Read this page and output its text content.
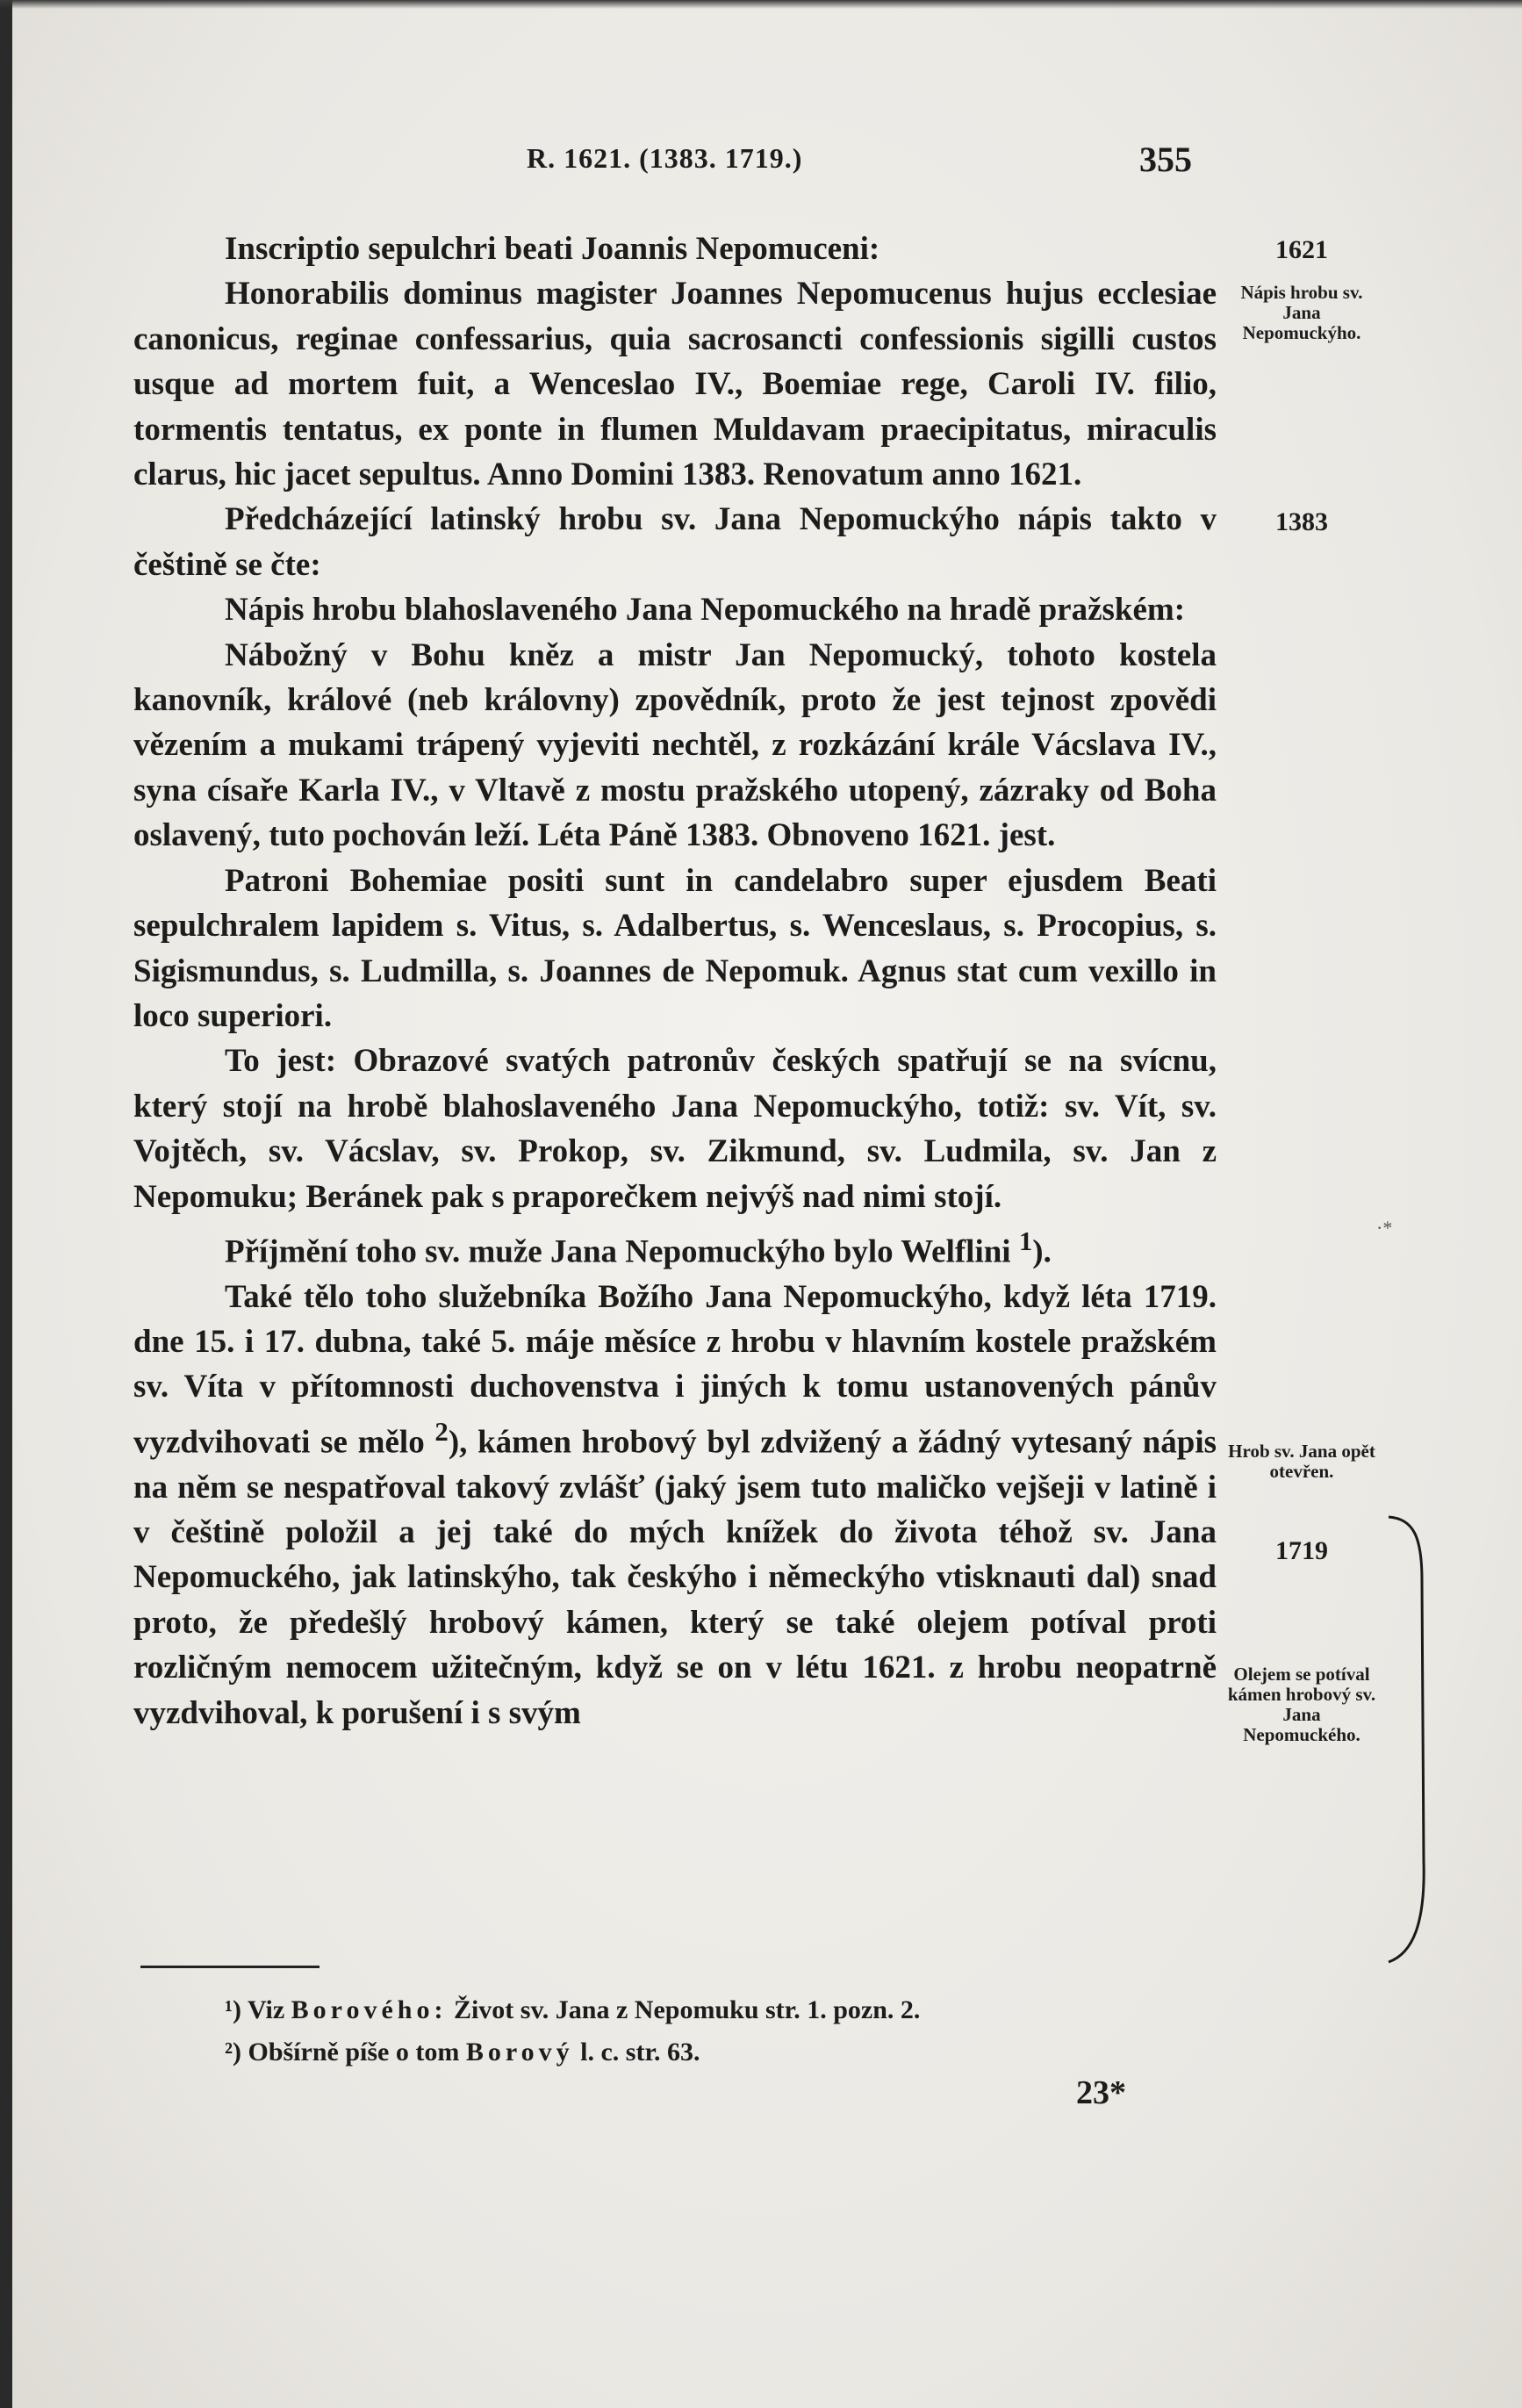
R. 1621. (1383. 1719.)	355

Inscriptio sepulchri beati Joannis Nepomuceni:

Honorabilis dominus magister Joannes Nepomucenus hujus ecclesiae canonicus, reginae confessarius, quia sacrosancti confessionis sigilli custos usque ad mortem fuit, a Wenceslao IV., Boemiae rege, Caroli IV. filio, tormentis tentatus, ex ponte in flumen Muldavam praecipitatus, miraculis clarus, hic jacet sepultus. Anno Domini 1383. Renovatum anno 1621.

Předcházející latinský hrobu sv. Jana Nepomuckýho nápis takto v češtině se čte:

Nápis hrobu blahoslaveného Jana Nepomuckého na hradě pražském:

Nábožný v Bohu kněz a mistr Jan Nepomucký, tohoto kostela kanovník, králové (neb královny) zpovědník, proto že jest tejnost zpovědi vězením a mukami trápený vyjeviti nechtěl, z rozkázání krále Vácslava IV., syna císaře Karla IV., v Vltavě z mostu pražského utopený, zázraky od Boha oslavený, tuto pochován leží. Léta Páně 1383. Obnoveno 1621. jest.

Patroni Bohemiae positi sunt in candelabro super ejusdem Beati sepulchralem lapidem s. Vitus, s. Adalbertus, s. Wenceslaus, s. Procopius, s. Sigismundus, s. Ludmilla, s. Joannes de Nepomuk. Agnus stat cum vexillo in loco superiori.

To jest: Obrazové svatých patronův českých spatřují se na svícnu, který stojí na hrobě blahoslaveného Jana Nepomuckýho, totiž: sv. Vít, sv. Vojtěch, sv. Vácslav, sv. Prokop, sv. Zikmund, sv. Ludmila, sv. Jan z Nepomuku; Beránek pak s praporečkem nejvýš nad nimi stojí.

Příjmění toho sv. muže Jana Nepomuckýho bylo Welflini $^1$).

Také tělo toho služebníka Božího Jana Nepomuckýho, když léta 1719. dne 15. i 17. dubna, také 5. máje měsíce z hrobu v hlavním kostele pražském sv. Víta v přítomnosti duchovenstva i jiných k tomu ustanovených pánův vyzdvihovati se mělo $^2$), kámen hrobový byl zdvižený a žádný vytesaný nápis na něm se nespatřoval takový zvlášť (jaký jsem tuto maličko vejšeji v latině i v češtině položil a jej také do mých knížek do života téhož sv. Jana Nepomuckého, jak latinskýho, tak českýho i německýho vtisknauti dal) snad proto, že předešlý hrobový kámen, který se také olejem potíval proti rozličným nemocem užitečným, když se on v létu 1621. z hrobu neopatrně vyzdvihoval, k porušení i s svým

1621
Nápis hrobu sv. Jana Nepomuckýho.
1383
Hrob sv. Jana opět otevřen.
1719
Olejem se potíval kámen hrobový sv. Jana Nepomuckého.
·*
¹) Viz Borového: Život sv. Jana z Nepomuku str. 1. pozn. 2.
²) Obšírně píše o tom Borový l. c. str. 63.
23*
